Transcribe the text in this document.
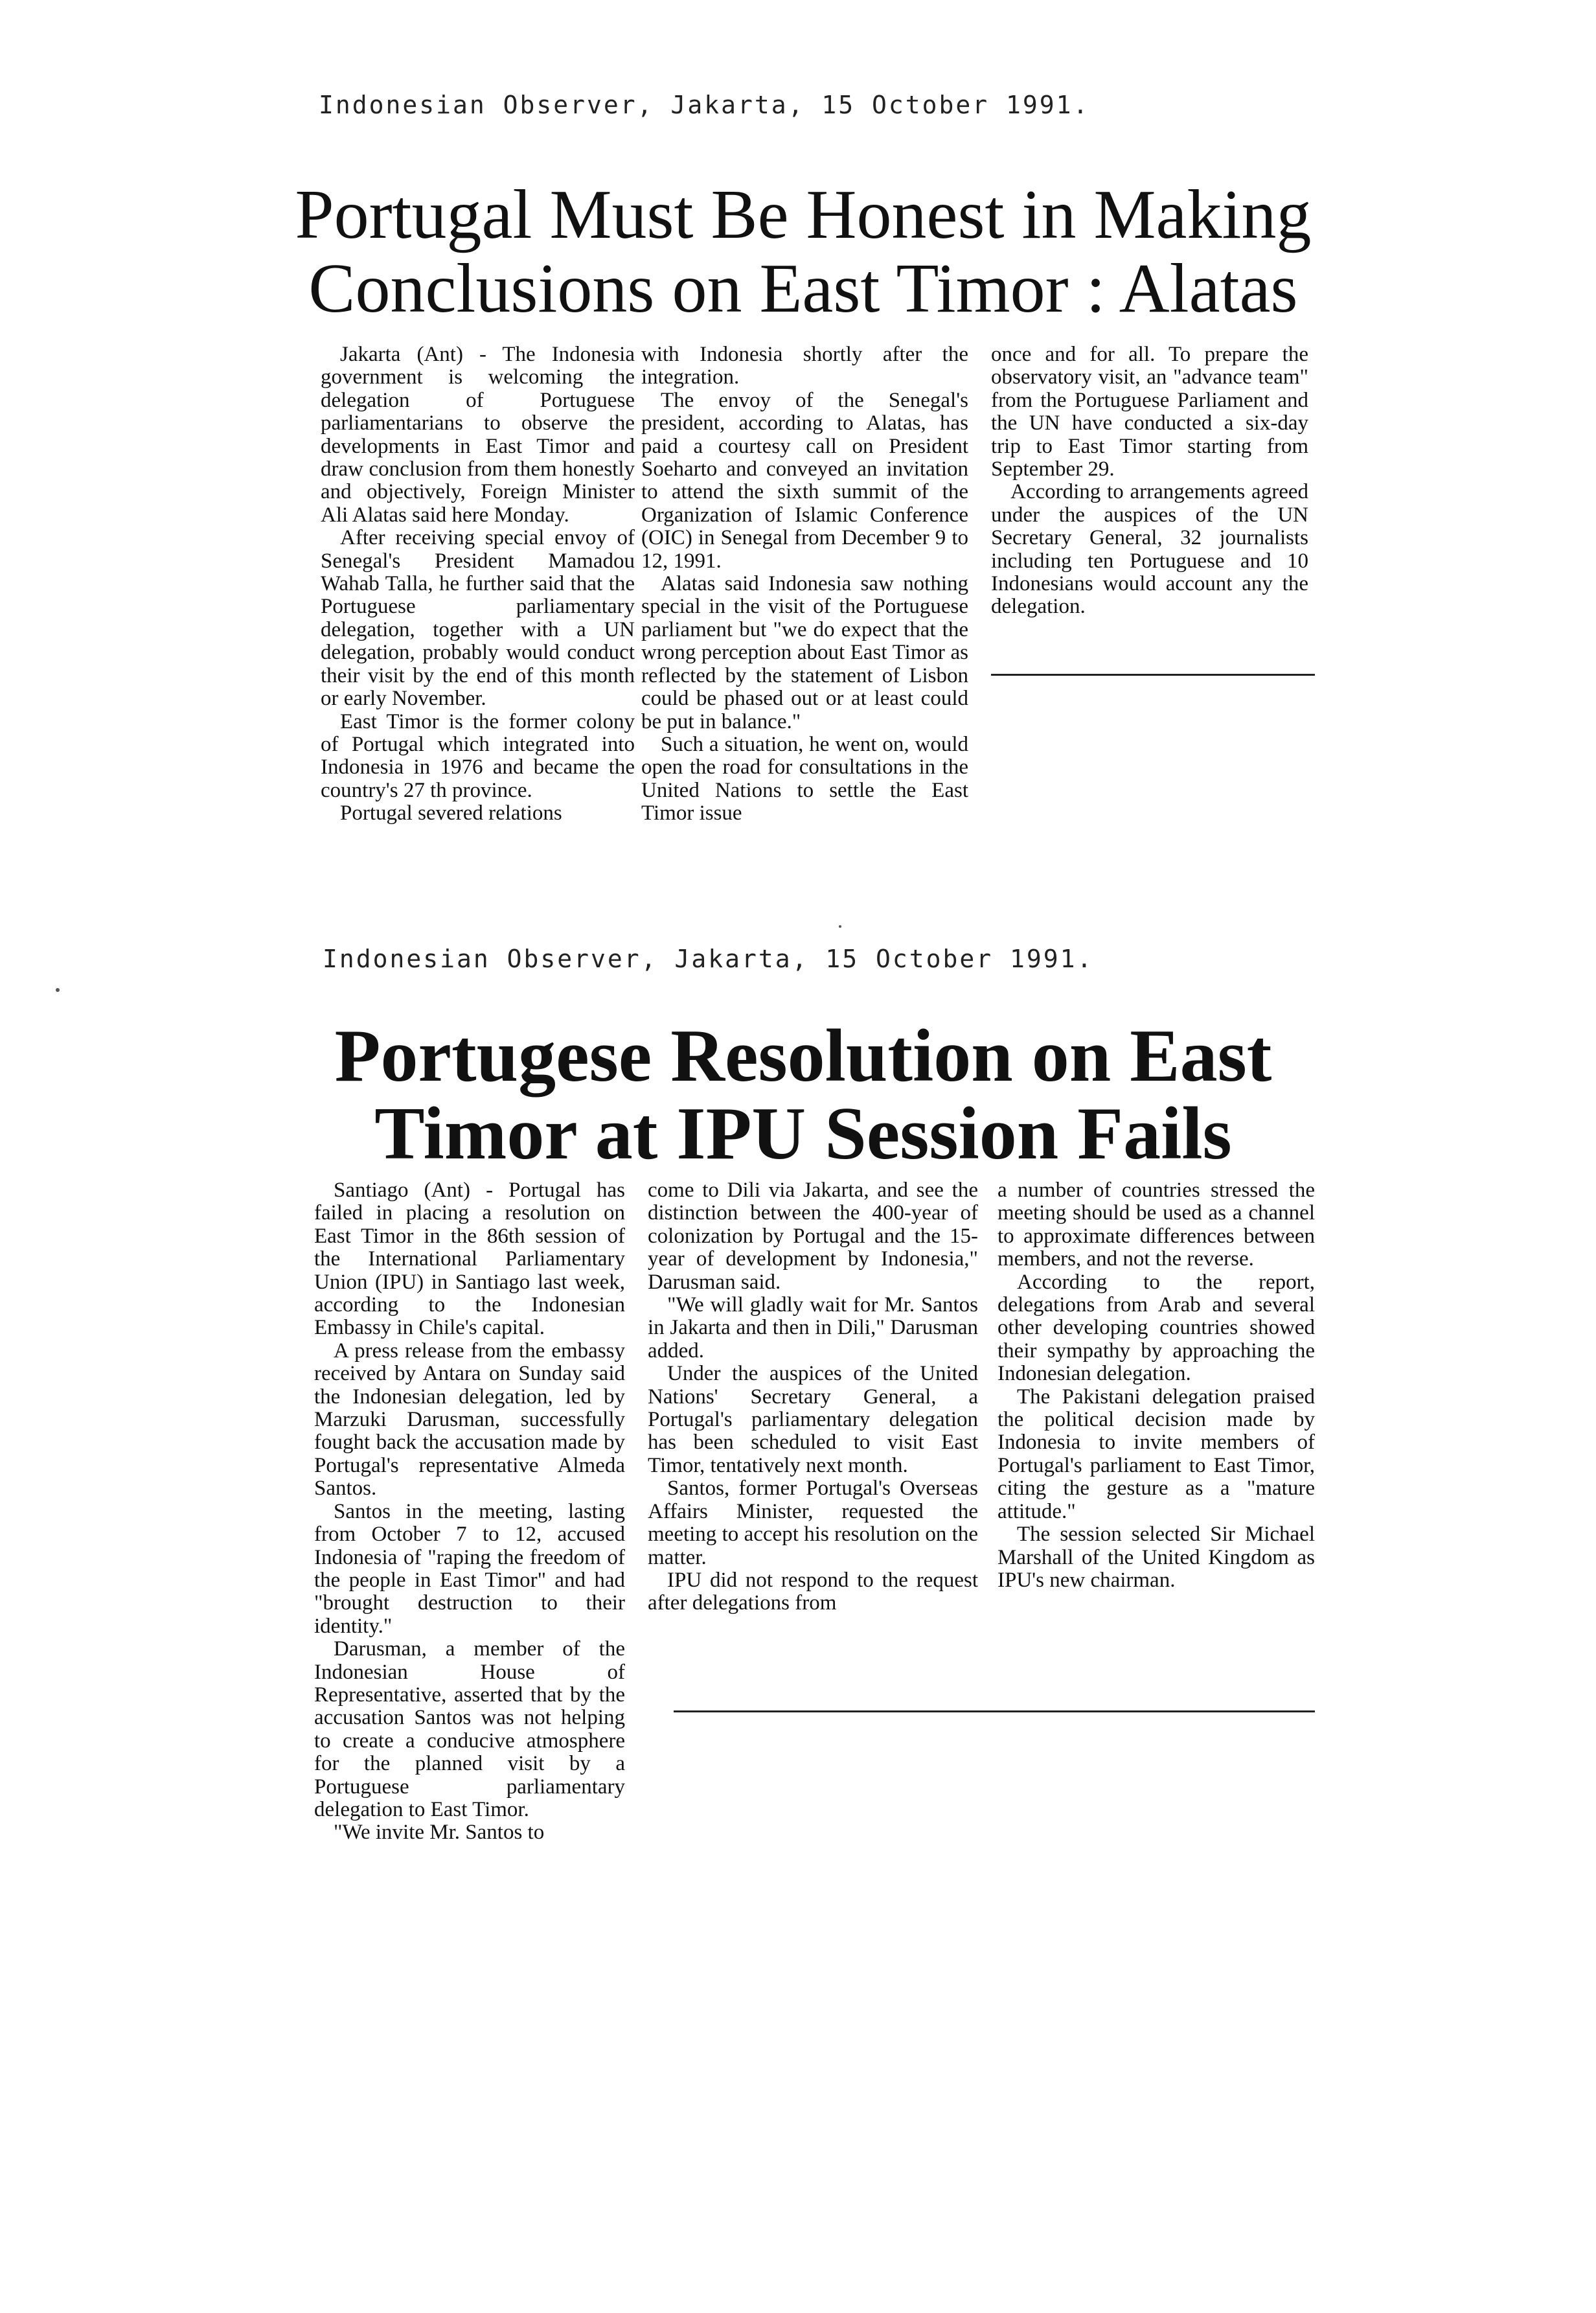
Indonesian Observer, Jakarta, 15 October 1991.
Portugal Must Be Honest in Making
Conclusions on East Timor : Alatas

Jakarta (Ant) - The Indonesia government is welcoming the delegation of Portuguese parliamentarians to observe the developments in East Timor and draw conclusion from them honestly and objectively, Foreign Minister Ali Alatas said here Monday.

After receiving special envoy of Senegal's President Mamadou Wahab Talla, he further said that the Portuguese parliamentary delegation, together with a UN delegation, probably would conduct their visit by the end of this month or early November.

East Timor is the former colony of Portugal which integrated into Indonesia in 1976 and became the country's 27 th province.

Portugal severed relations

with Indonesia shortly after the integration.

The envoy of the Senegal's president, according to Alatas, has paid a courtesy call on President Soeharto and conveyed an invitation to attend the sixth summit of the Organization of Islamic Conference (OIC) in Senegal from December 9 to 12, 1991.

Alatas said Indonesia saw nothing special in the visit of the Portuguese parliament but "we do expect that the wrong perception about East Timor as reflected by the statement of Lisbon could be phased out or at least could be put in balance."

Such a situation, he went on, would open the road for consultations in the United Nations to settle the East Timor issue

once and for all. To prepare the observatory visit, an "advance team" from the Portuguese Parliament and the UN have conducted a six-day trip to East Timor starting from September 29.

According to arrangements agreed under the auspices of the UN Secretary General, 32 journalists including ten Portuguese and 10 Indonesians would account any the delegation.

Indonesian Observer, Jakarta, 15 October 1991.
Portugese Resolution on East
Timor at IPU Session Fails

Santiago (Ant) - Portugal has failed in placing a resolution on East Timor in the 86th session of the International Parliamentary Union (IPU) in Santiago last week, according to the Indonesian Embassy in Chile's capital.

A press release from the embassy received by Antara on Sunday said the Indonesian delegation, led by Marzuki Darusman, successfully fought back the accusation made by Portugal's representative Almeda Santos.

Santos in the meeting, lasting from October 7 to 12, accused Indonesia of "raping the freedom of the people in East Timor" and had "brought destruction to their identity."

Darusman, a member of the Indonesian House of Representative, asserted that by the accusation Santos was not helping to create a conducive atmosphere for the planned visit by a Portuguese parliamentary delegation to East Timor.

"We invite Mr. Santos to

come to Dili via Jakarta, and see the distinction between the 400-year of colonization by Portugal and the 15-year of development by Indonesia," Darusman said.

"We will gladly wait for Mr. Santos in Jakarta and then in Dili," Darusman added.

Under the auspices of the United Nations' Secretary General, a Portugal's parliamentary delegation has been scheduled to visit East Timor, tentatively next month.

Santos, former Portugal's Overseas Affairs Minister, requested the meeting to accept his resolution on the matter.

IPU did not respond to the request after delegations from

a number of countries stressed the meeting should be used as a channel to approximate differences between members, and not the reverse.

According to the report, delegations from Arab and several other developing countries showed their sympathy by approaching the Indonesian delegation.

The Pakistani delegation praised the political decision made by Indonesia to invite members of Portugal's parliament to East Timor, citing the gesture as a "mature attitude."

The session selected Sir Michael Marshall of the United Kingdom as IPU's new chairman.
